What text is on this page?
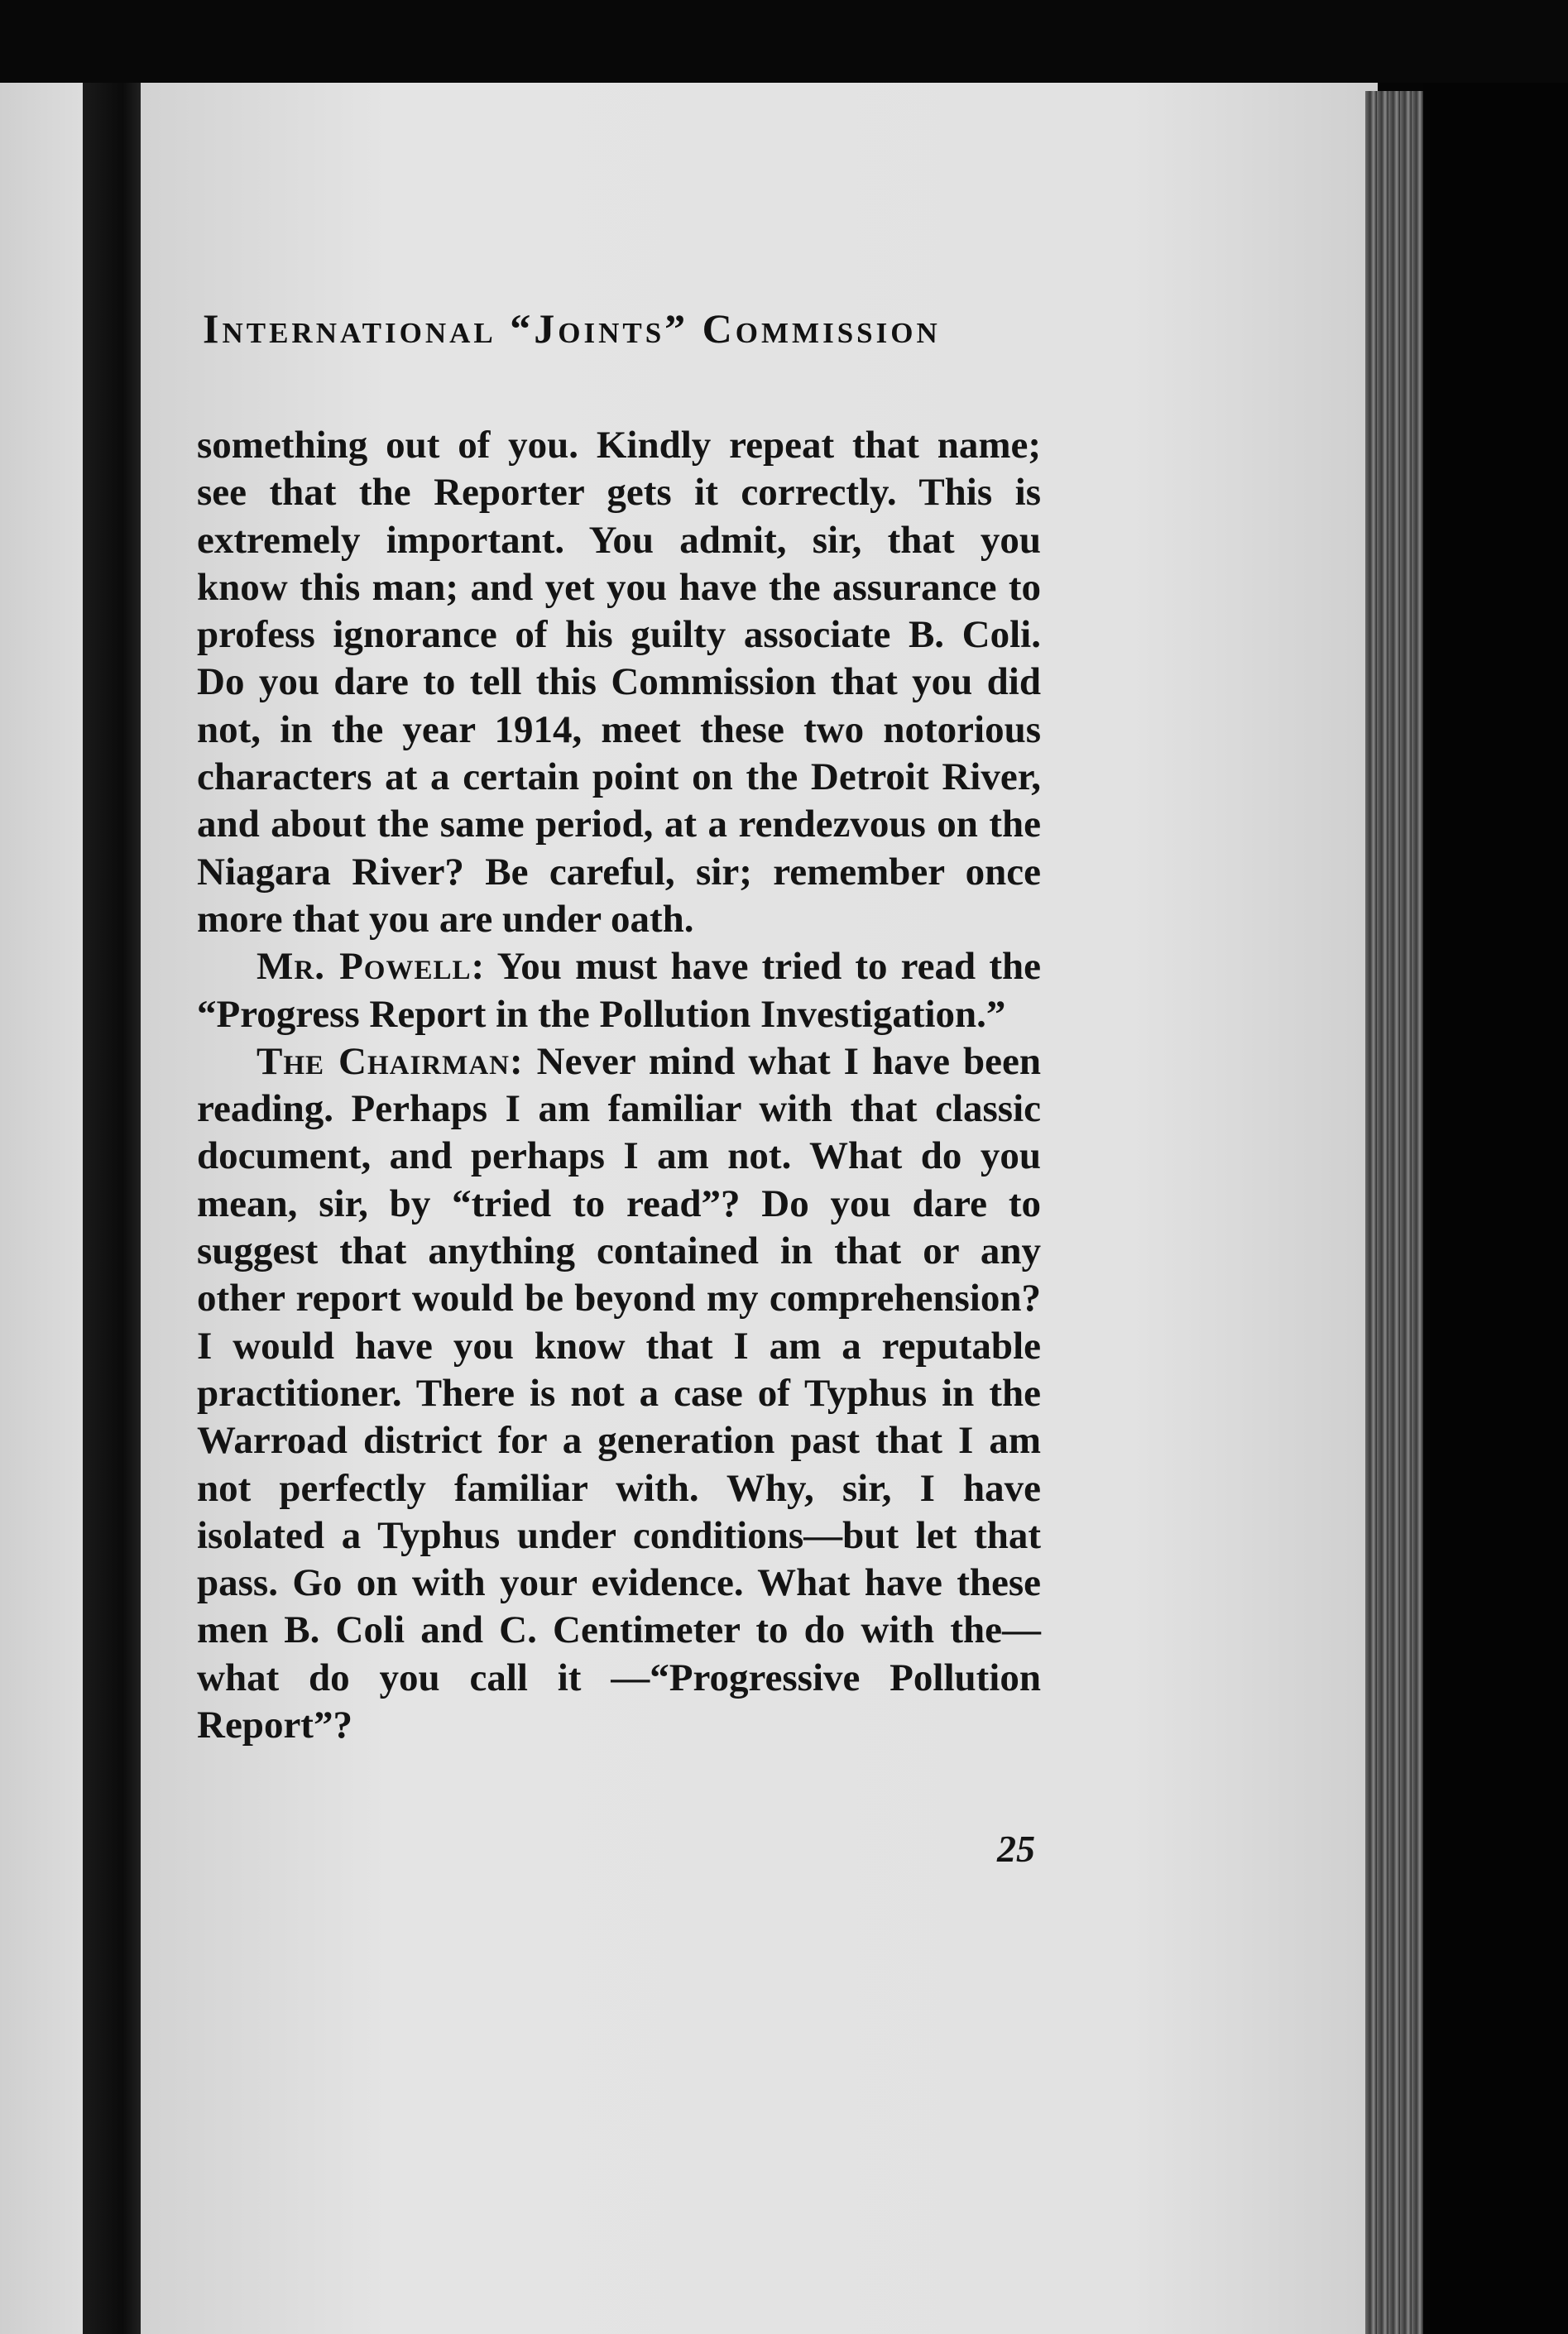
International “Joints” Commission

something out of you. Kindly repeat that name; see that the Reporter gets it correctly. This is extremely important. You admit, sir, that you know this man; and yet you have the assurance to profess ignorance of his guilty associate B. Coli. Do you dare to tell this Commission that you did not, in the year 1914, meet these two notorious characters at a certain point on the Detroit River, and about the same period, at a rendezvous on the Niagara River? Be careful, sir; remember once more that you are under oath.

Mr. Powell: You must have tried to read the “Progress Report in the Pollution Investigation.”

The Chairman: Never mind what I have been reading. Perhaps I am familiar with that classic document, and perhaps I am not. What do you mean, sir, by “tried to read”? Do you dare to suggest that anything contained in that or any other report would be beyond my comprehension? I would have you know that I am a reputable practitioner. There is not a case of Typhus in the Warroad district for a generation past that I am not perfectly familiar with. Why, sir, I have isolated a Typhus under conditions—but let that pass. Go on with your evidence. What have these men B. Coli and C. Centimeter to do with the—what do you call it —“Progressive Pollution Report”?

25
